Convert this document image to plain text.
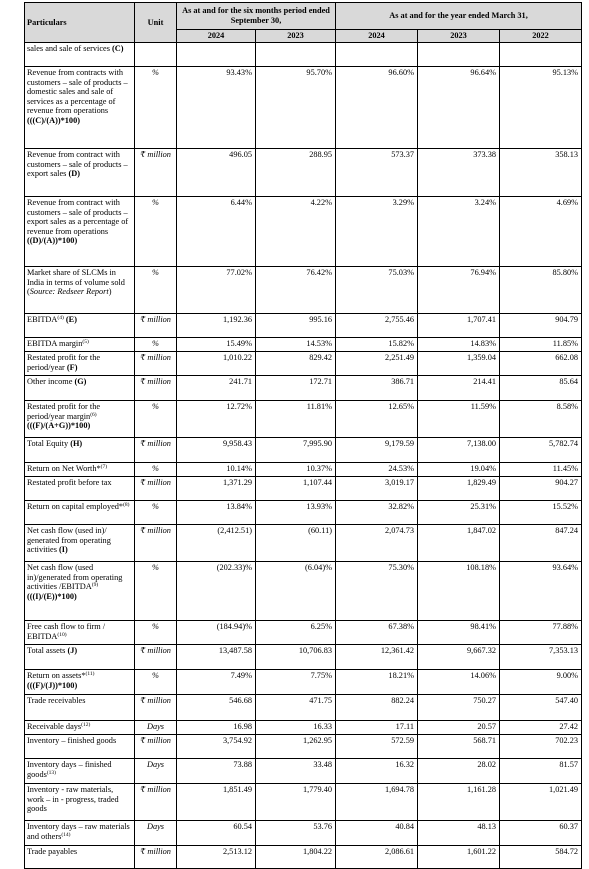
Particulars	Unit	As at and for the six months period ended September 30,		As at and for the year ended March 31,		
		2024	2023	2024	2023	2022
sales and sale of services (C)						
Revenue from contracts with customers – sale of products – domestic sales and sale of services as a percentage of revenue from operations (((C)/(A))*100)	%	93.43%	95.70%	96.60%	96.64%	95.13%
Revenue from contract with customers – sale of products – export sales (D)	₹ million	496.05	288.95	573.37	373.38	358.13
Revenue from contract with customers – sale of products – export sales as a percentage of revenue from operations ((D)/(A))*100)	%	6.44%	4.22%	3.29%	3.24%	4.69%
Market share of SLCMs in India in terms of volume sold (Source: Redseer Report)	%	77.02%	76.42%	75.03%	76.94%	85.80%
EBITDA$^{(4)}$ (E)	₹ million	1,192.36	995.16	2,755.46	1,707.41	904.79
EBITDA margin$^{(5)}$	%	15.49%	14.53%	15.82%	14.83%	11.85%
Restated profit for the period/year (F)	₹ million	1,010.22	829.42	2,251.49	1,359.04	662.08
Other income (G)	₹ million	241.71	172.71	386.71	214.41	85.64
Restated profit for the period/year margin$^{(6)}$ (((F)/(A+G))*100)	%	12.72%	11.81%	12.65%	11.59%	8.58%
Total Equity (H)	₹ million	9,958.43	7,995.90	9,179.59	7,138.00	5,782.74
Return on Net Worth*$^{(7)}$	%	10.14%	10.37%	24.53%	19.04%	11.45%
Restated profit before tax	₹ million	1,371.29	1,107.44	3,019.17	1,829.49	904.27
Return on capital employed*$^{(8)}$	%	13.84%	13.93%	32.82%	25.31%	15.52%
Net cash flow (used in)/ generated from operating activities (I)	₹ million	(2,412.51)	(60.11)	2,074.73	1,847.02	847.24
Net cash flow (used in)/generated from operating activities /EBITDA$^{(9)}$ (((I)/(E))*100)	%	(202.33)%	(6.04)%	75.30%	108.18%	93.64%
Free cash flow to firm / EBITDA$^{(10)}$	%	(184.94)%	6.25%	67.38%	98.41%	77.88%
Total assets (J)	₹ million	13,487.58	10,706.83	12,361.42	9,667.32	7,353.13
Return on assets*$^{(11)}$ (((F)/(J))*100)	%	7.49%	7.75%	18.21%	14.06%	9.00%
Trade receivables	₹ million	546.68	471.75	882.24	750.27	547.40
Receivable days$^{(12)}$	Days	16.98	16.33	17.11	20.57	27.42
Inventory – finished goods	₹ million	3,754.92	1,262.95	572.59	568.71	702.23
Inventory days – finished goods$^{(13)}$	Days	73.88	33.48	16.32	28.02	81.57
Inventory - raw materials, work – in - progress, traded goods	₹ million	1,851.49	1,779.40	1,694.78	1,161.28	1,021.49
Inventory days – raw materials and others$^{(14)}$	Days	60.54	53.76	40.84	48.13	60.37
Trade payables	₹ million	2,513.12	1,804.22	2,086.61	1,601.22	584.72
